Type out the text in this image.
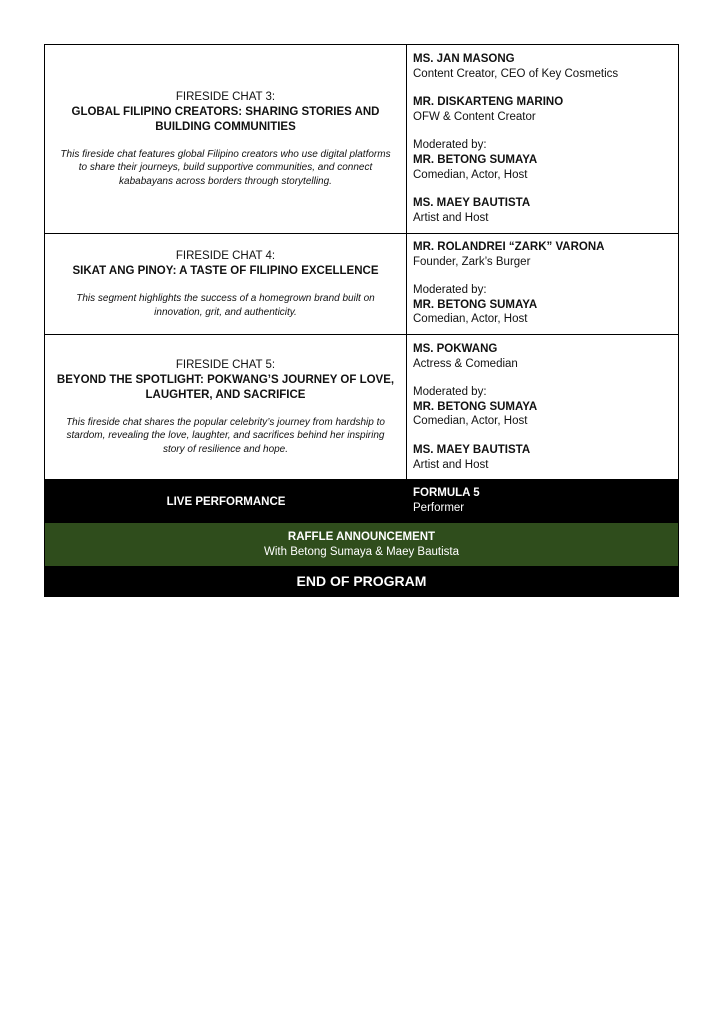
FIRESIDE CHAT 3:
GLOBAL FILIPINO CREATORS: SHARING STORIES AND BUILDING COMMUNITIES
This fireside chat features global Filipino creators who use digital platforms to share their journeys, build supportive communities, and connect kababayans across borders through storytelling.
MS. JAN MASONG
Content Creator, CEO of Key Cosmetics
MR. DISKARTENG MARINO
OFW & Content Creator
Moderated by:
MR. BETONG SUMAYA
Comedian, Actor, Host
MS. MAEY BAUTISTA
Artist and Host
FIRESIDE CHAT 4:
SIKAT ANG PINOY: A TASTE OF FILIPINO EXCELLENCE
This segment highlights the success of a homegrown brand built on innovation, grit, and authenticity.
MR. ROLANDREI “ZARK” VARONA
Founder, Zark’s Burger
Moderated by:
MR. BETONG SUMAYA
Comedian, Actor, Host
FIRESIDE CHAT 5:
BEYOND THE SPOTLIGHT: POKWANG’S JOURNEY OF LOVE, LAUGHTER, AND SACRIFICE
This fireside chat shares the popular celebrity’s journey from hardship to stardom, revealing the love, laughter, and sacrifices behind her inspiring story of resilience and hope.
MS. POKWANG
Actress & Comedian
Moderated by:
MR. BETONG SUMAYA
Comedian, Actor, Host
MS. MAEY BAUTISTA
Artist and Host
LIVE PERFORMANCE
FORMULA 5
Performer
RAFFLE ANNOUNCEMENT
With Betong Sumaya & Maey Bautista
END OF PROGRAM
